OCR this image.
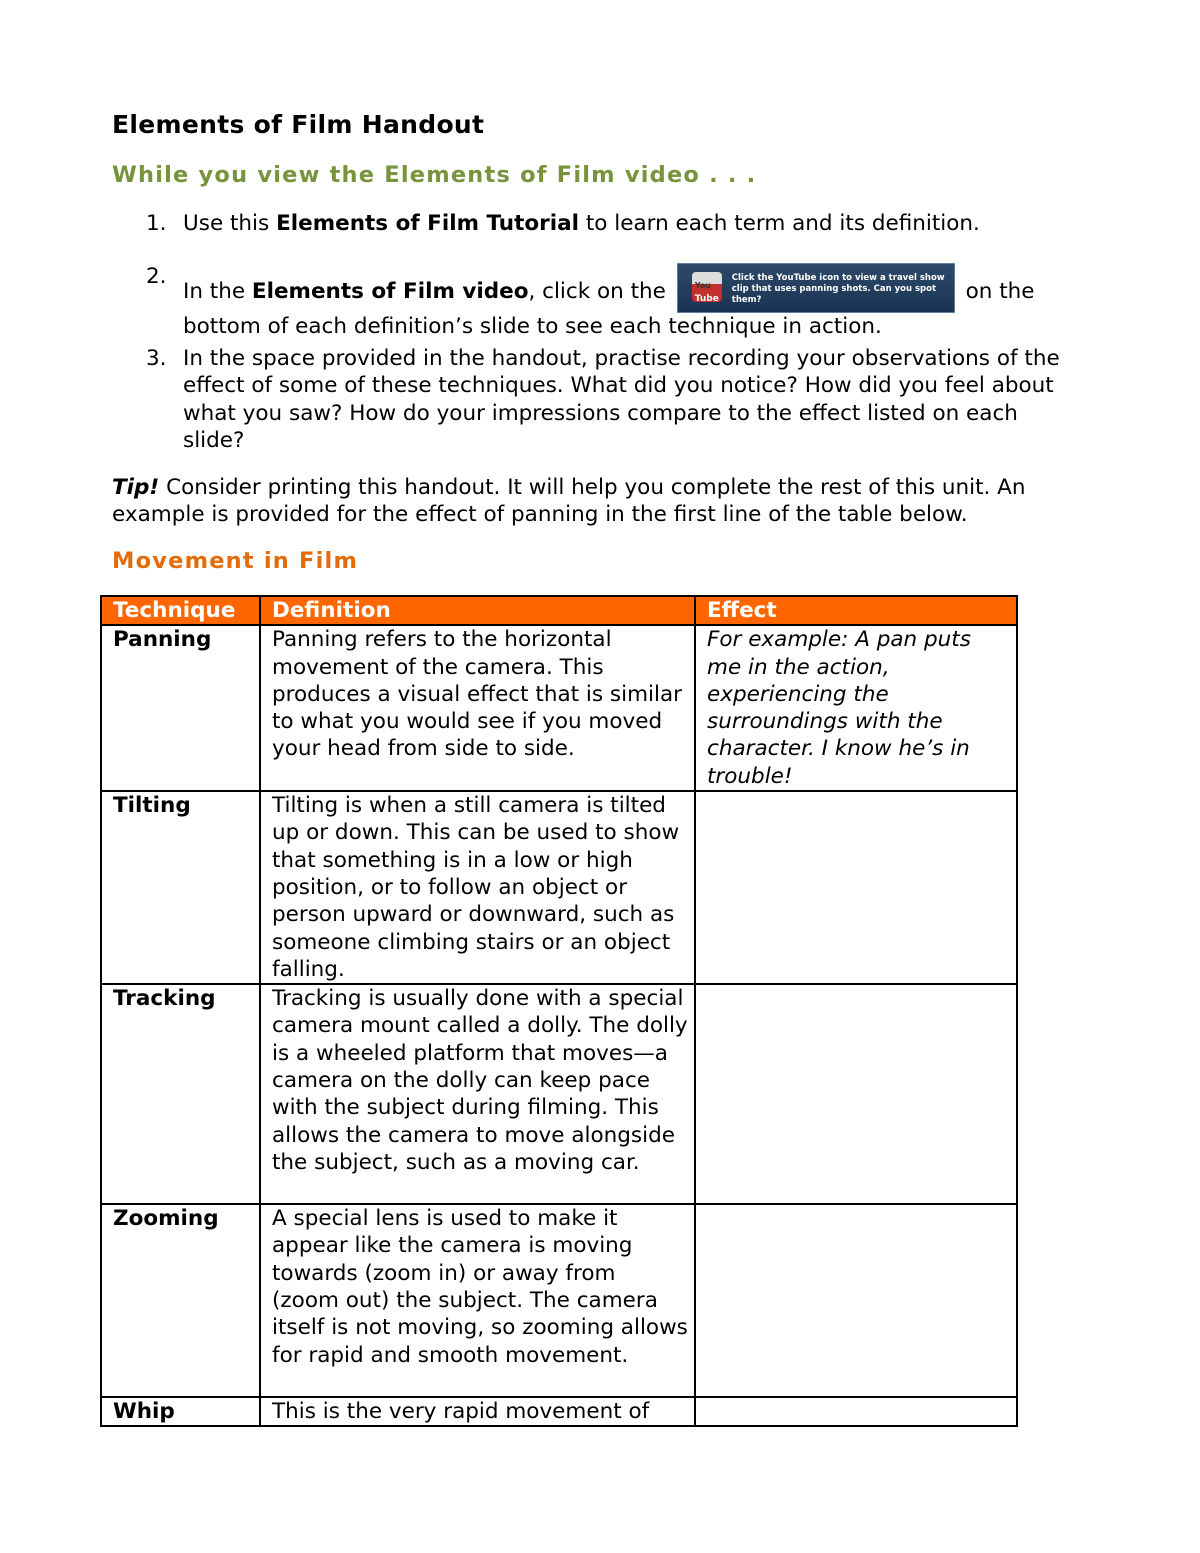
Elements of Film Handout
While you view the Elements of Film video . . .
1. Use this Elements of Film Tutorial to learn each term and its definition.
2.
In the Elements of Film video, click on the	You
Tube
Click the YouTube icon to view a travel show clip that uses panning shots. Can you spot them?	on the bottom of each definition’s slide to see each technique in action.
3. In the space provided in the handout, practise recording your observations of the effect of some of these techniques. What did you notice? How did you feel about what you saw? How do your impressions compare to the effect listed on each slide?
Tip! Consider printing this handout. It will help you complete the rest of this unit. An example is provided for the effect of panning in the first line of the table below.
Movement in Film
Technique	Definition	Effect
Panning	Panning refers to the horizontal movement of the camera. This produces a visual effect that is similar to what you would see if you moved your head from side to side.	For example: A pan puts me in the action, experiencing the surroundings with the character. I know he’s in trouble!
Tilting	Tilting is when a still camera is tilted up or down. This can be used to show that something is in a low or high position, or to follow an object or person upward or downward, such as someone climbing stairs or an object falling.	
Tracking	Tracking is usually done with a special camera mount called a dolly. The dolly is a wheeled platform that moves—a camera on the dolly can keep pace with the subject during filming. This allows the camera to move alongside the subject, such as a moving car.	
Zooming	A special lens is used to make it appear like the camera is moving towards (zoom in) or away from (zoom out) the subject. The camera itself is not moving, so zooming allows for rapid and smooth movement.	
Whip	This is the very rapid movement of	
